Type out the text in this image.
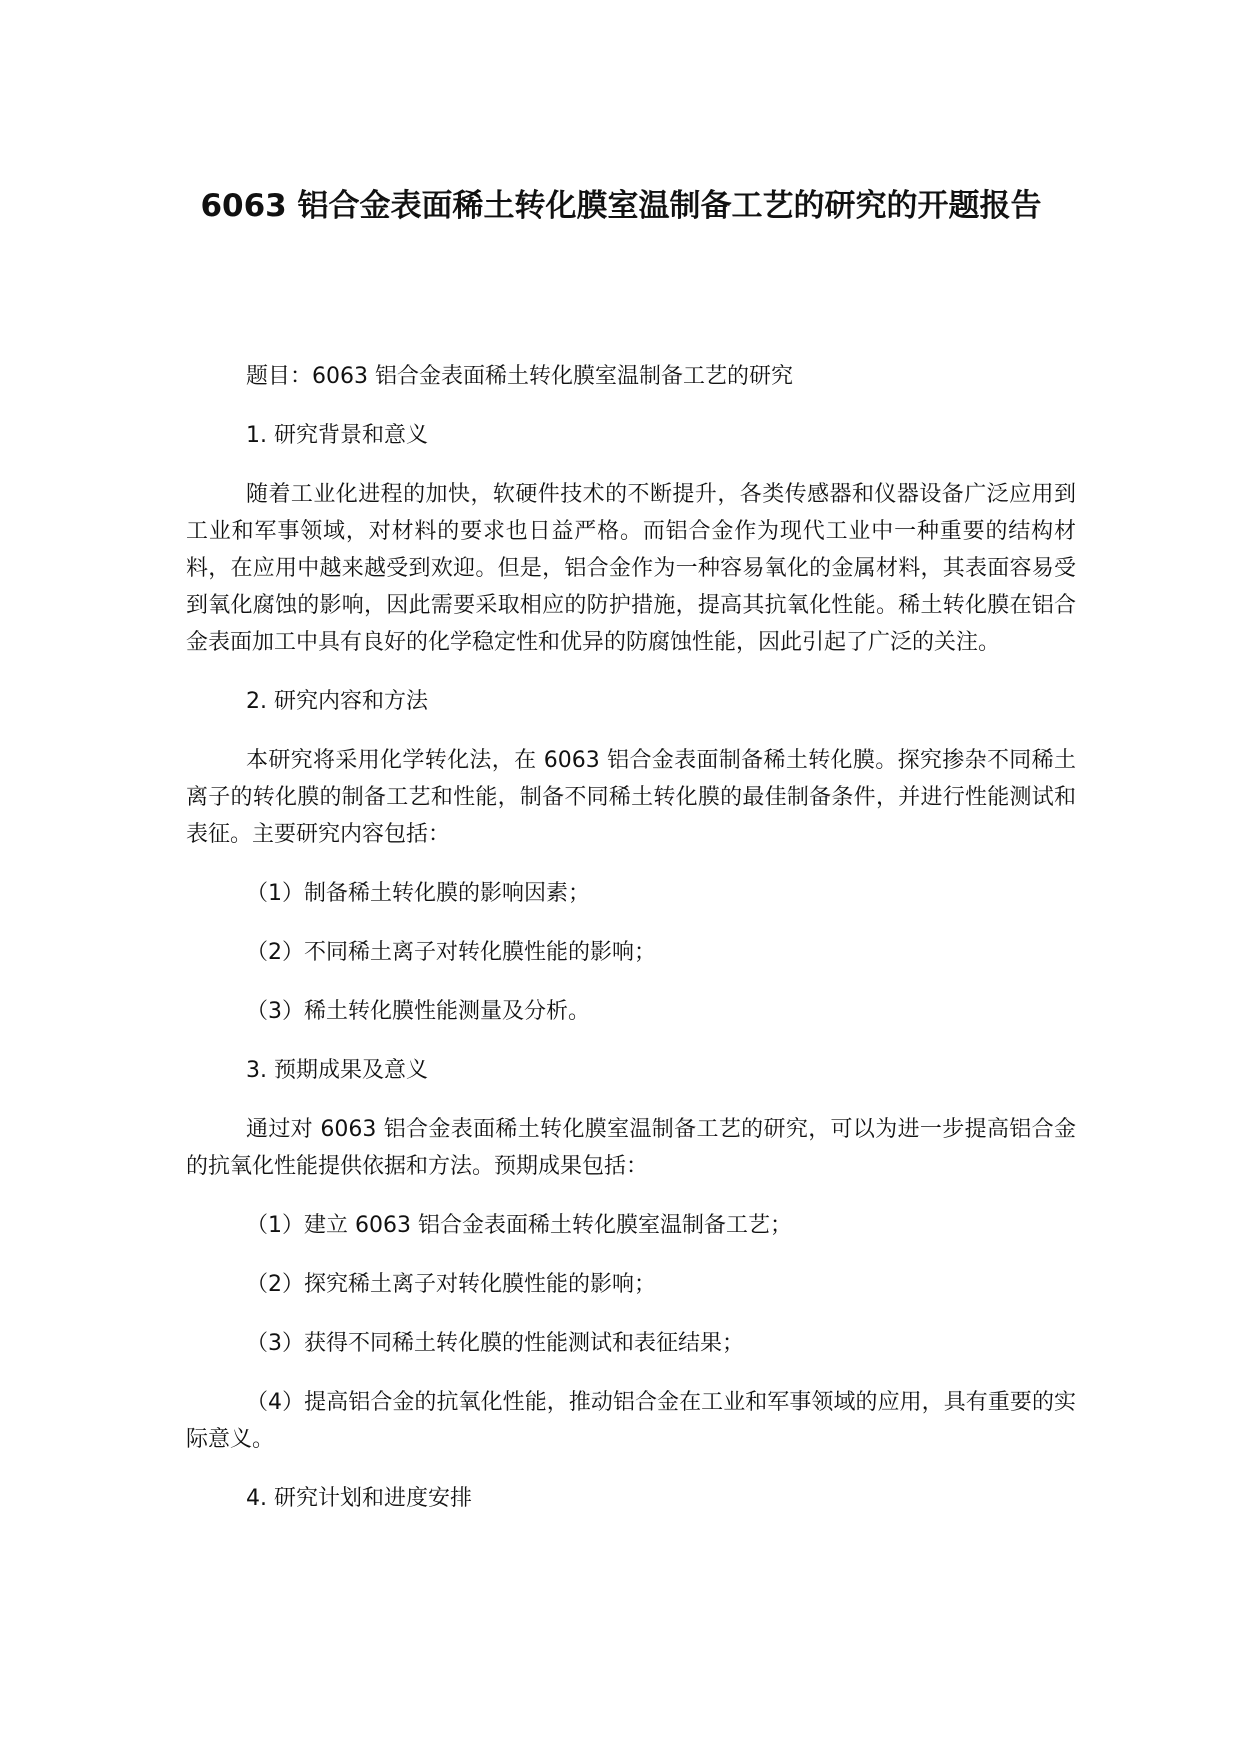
6063 铝合金表面稀土转化膜室温制备工艺的研究的开题报告

题目：6063 铝合金表面稀土转化膜室温制备工艺的研究

1. 研究背景和意义

随着工业化进程的加快，软硬件技术的不断提升，各类传感器和仪器设备广泛应用到工业和军事领域，对材料的要求也日益严格。而铝合金作为现代工业中一种重要的结构材料，在应用中越来越受到欢迎。但是，铝合金作为一种容易氧化的金属材料，其表面容易受到氧化腐蚀的影响，因此需要采取相应的防护措施，提高其抗氧化性能。稀土转化膜在铝合金表面加工中具有良好的化学稳定性和优异的防腐蚀性能，因此引起了广泛的关注。

2. 研究内容和方法

本研究将采用化学转化法，在 6063 铝合金表面制备稀土转化膜。探究掺杂不同稀土离子的转化膜的制备工艺和性能，制备不同稀土转化膜的最佳制备条件，并进行性能测试和表征。主要研究内容包括：

（1）制备稀土转化膜的影响因素；

（2）不同稀土离子对转化膜性能的影响；

（3）稀土转化膜性能测量及分析。

3. 预期成果及意义

通过对 6063 铝合金表面稀土转化膜室温制备工艺的研究，可以为进一步提高铝合金的抗氧化性能提供依据和方法。预期成果包括：

（1）建立 6063 铝合金表面稀土转化膜室温制备工艺；

（2）探究稀土离子对转化膜性能的影响；

（3）获得不同稀土转化膜的性能测试和表征结果；

（4）提高铝合金的抗氧化性能，推动铝合金在工业和军事领域的应用，具有重要的实际意义。

4. 研究计划和进度安排
